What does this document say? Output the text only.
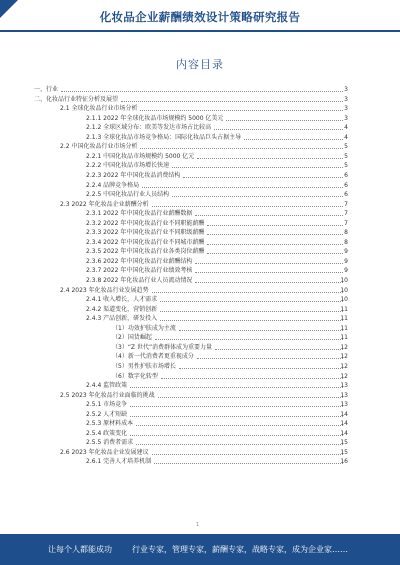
化妆品企业薪酬绩效设计策略研究报告
内容目录
一、行业	3
二、化妆品行业特征分析及展望	3
2.1 全球化妆品行业市场分析	3
2.1.1 2022 年全球化妆品市场规模约 5000 亿美元	3
2.1.2 全球区域分布：欧美等发达市场占比较高	4
2.1.3 全球化妆品市场竞争格局：国际化妆品巨头占据主导	4
2.2 中国化妆品行业市场分析	5
2.2.1 中国化妆品市场规模约 5000 亿元	5
2.2.2 中国化妆品市场增长快速	5
2.2.3 2022 年中国化妆品消费结构	6
2.2.4 品牌竞争格局	6
2.2.5 中国化妆品行业人员结构	6
2.3 2022 年化妆品企业薪酬分析	7
2.3.1 2022 年中国化妆品行业薪酬数据	7
2.3.2 2022 年中国化妆品行业不同职能薪酬	7
2.3.3 2022 年中国化妆品行业不同职级薪酬	8
2.3.4 2022 年中国化妆品行业不同城市薪酬	8
2.3.5 2022 年中国化妆品行业各类岗位薪酬	9
2.3.6 2022 年中国化妆品行业薪酬结构	9
2.3.7 2022 年中国化妆品行业绩效考核	9
2.3.8 2022 年化妆品行业人员流动情况	10
2.4 2023 年化妆品行业发展趋势	10
2.4.1 收入增长，人才需求	10
2.4.2 渠道变化，营销创新	11
2.4.3 产品创新，研发投入	11
（1）功效护肤成为主流	11
（2）国货崛起	11
（3）“Z 世代”消费群体成为重要力量	12
（4）新一代消费者更重视成分	12
（5）男性护肤市场增长	12
（6）数字化转型	12
2.4.4 监管政策	13
2.5 2023 年化妆品行业面临的挑战	13
2.5.1 市场竞争	13
2.5.2 人才短缺	14
2.5.3 原材料成本	14
2.5.4 政策变化	14
2.5.5 消费者需求	15
2.6 2023 年化妆品企业发展建议	15
2.6.1 完善人才培养机制	16
1
让每个人都能成功	行业专家，管理专家，薪酬专家，战略专家，成为企业家……
